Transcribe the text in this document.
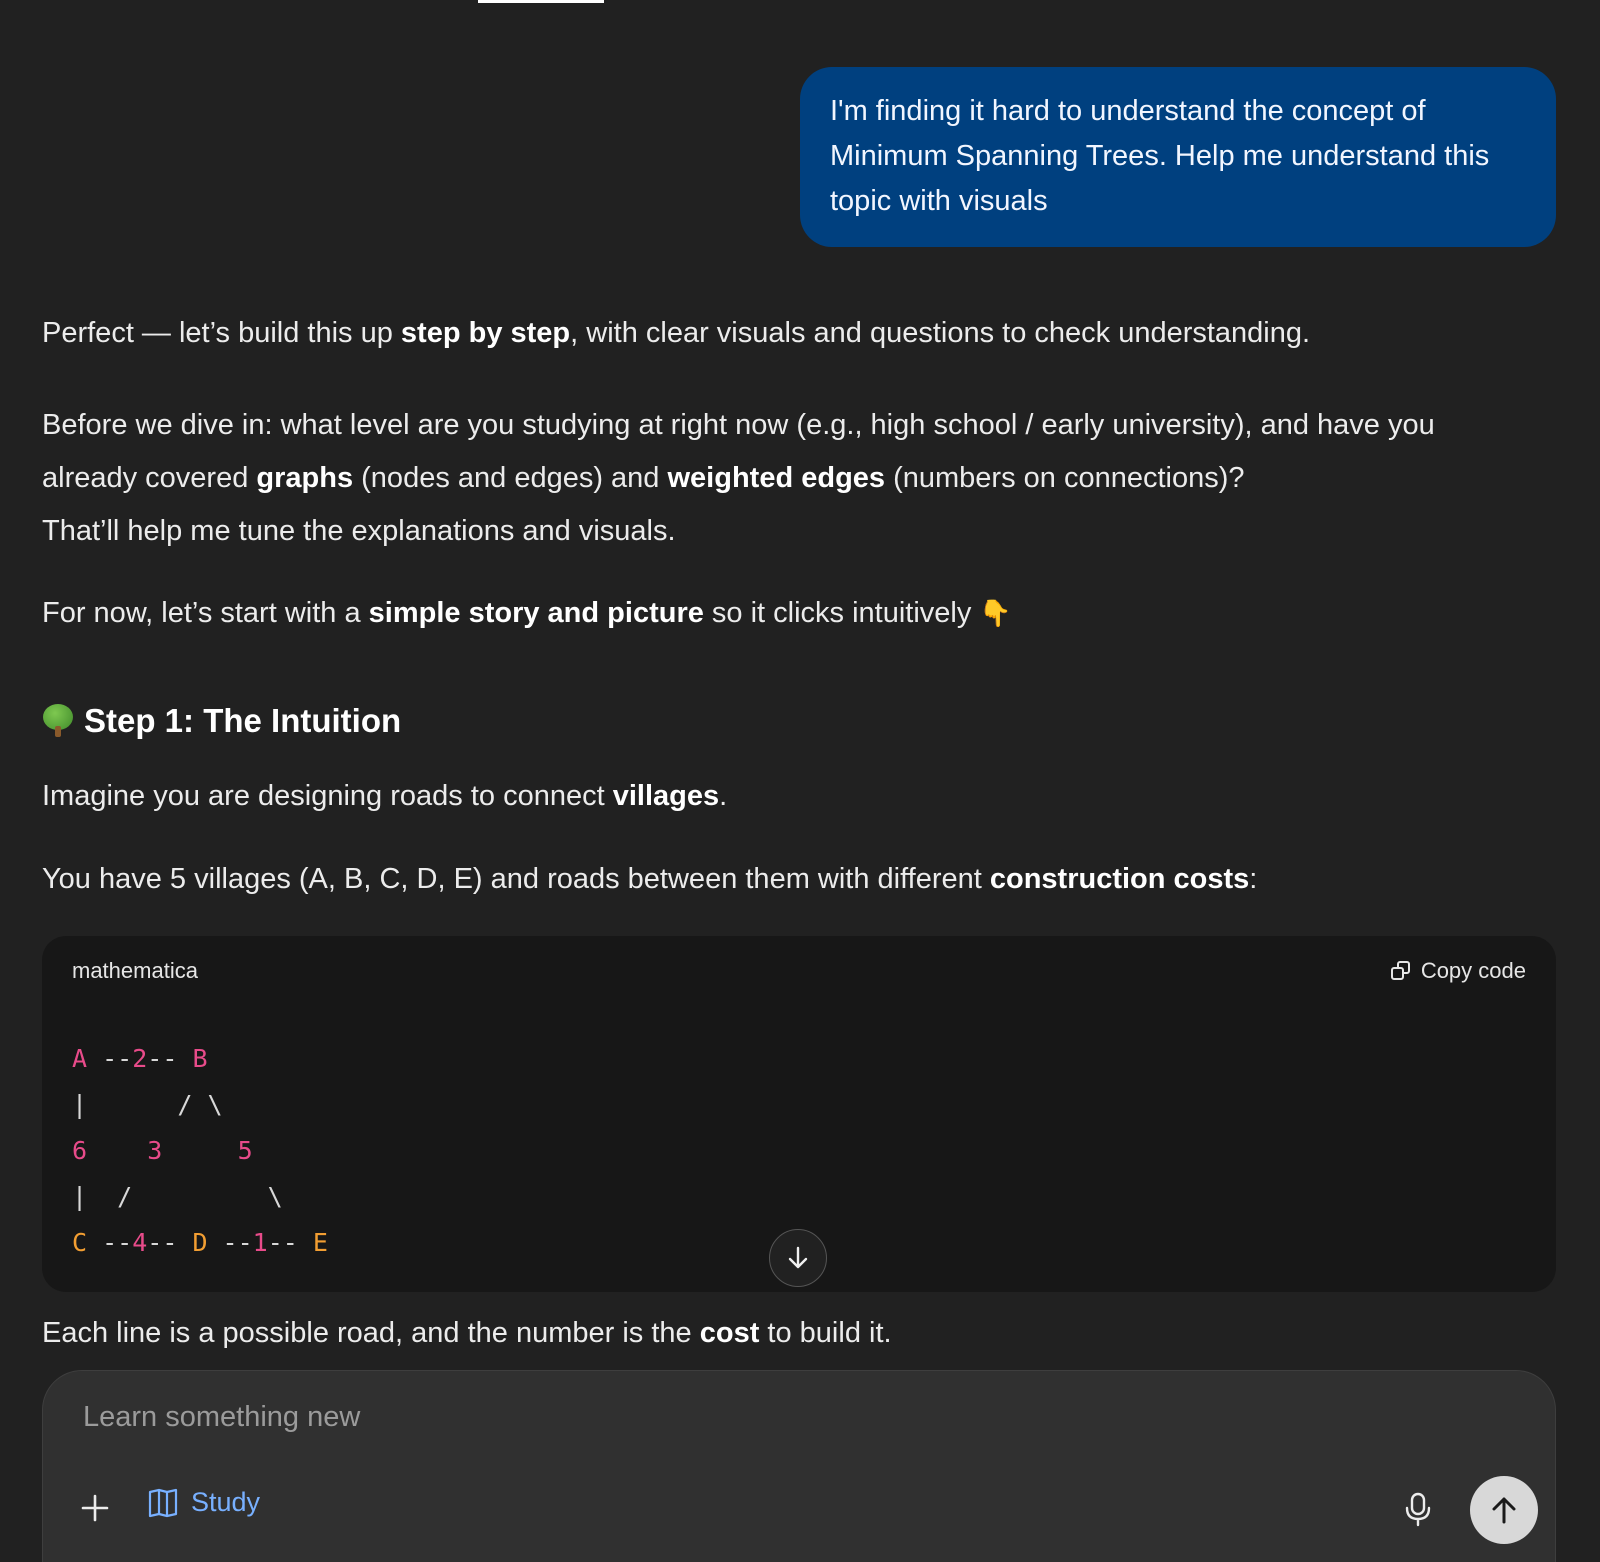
I'm finding it hard to understand the concept of Minimum Spanning Trees. Help me understand this topic with visuals
Perfect — let’s build this up step by step, with clear visuals and questions to check understanding.
Before we dive in: what level are you studying at right now (e.g., high school / early university), and have you
already covered graphs (nodes and edges) and weighted edges (numbers on connections)?
That’ll help me tune the explanations and visuals.
For now, let’s start with a simple story and picture so it clicks intuitively 👇
Step 1: The Intuition
Imagine you are designing roads to connect villages.
You have 5 villages (A, B, C, D, E) and roads between them with different construction costs:
Each line is a possible road, and the number is the cost to build it.
mathematica	Copy code
A --2-- B
|      / \
6 3	5
|  /         \
C --4-- D --1-- E
Learn something new
Study
